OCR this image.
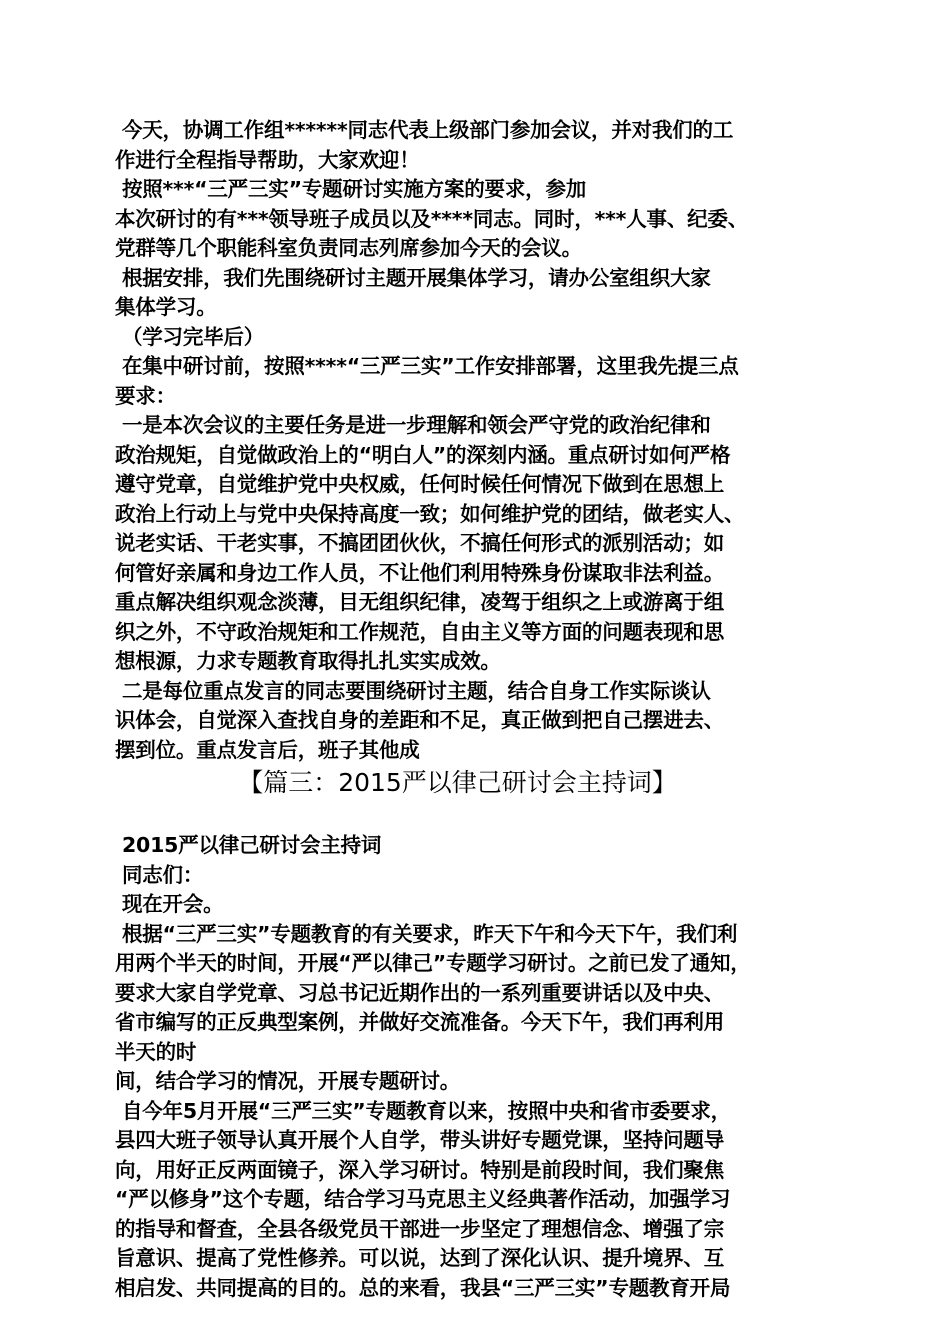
今天，协调工作组******同志代表上级部门参加会议，并对我们的工
作进行全程指导帮助，大家欢迎！
按照***“三严三实”专题研讨实施方案的要求，参加
本次研讨的有***领导班子成员以及****同志。同时，***人事、纪委、
党群等几个职能科室负责同志列席参加今天的会议。
根据安排，我们先围绕研讨主题开展集体学习，请办公室组织大家
集体学习。
（学习完毕后）
在集中研讨前，按照****“三严三实”工作安排部署，这里我先提三点
要求：
一是本次会议的主要任务是进一步理解和领会严守党的政治纪律和
政治规矩，自觉做政治上的“明白人”的深刻内涵。重点研讨如何严格
遵守党章，自觉维护党中央权威，任何时候任何情况下做到在思想上
政治上行动上与党中央保持高度一致；如何维护党的团结，做老实人、
说老实话、干老实事，不搞团团伙伙，不搞任何形式的派别活动；如
何管好亲属和身边工作人员，不让他们利用特殊身份谋取非法利益。
重点解决组织观念淡薄，目无组织纪律，凌驾于组织之上或游离于组
织之外，不守政治规矩和工作规范，自由主义等方面的问题表现和思
想根源，力求专题教育取得扎扎实实成效。
二是每位重点发言的同志要围绕研讨主题，结合自身工作实际谈认
识体会，自觉深入查找自身的差距和不足，真正做到把自己摆进去、
摆到位。重点发言后，班子其他成
【篇三：2015严以律己研讨会主持词】
2015严以律己研讨会主持词
同志们：
现在开会。
根据“三严三实”专题教育的有关要求，昨天下午和今天下午，我们利
用两个半天的时间，开展“严以律己”专题学习研讨。之前已发了通知，
要求大家自学党章、习总书记近期作出的一系列重要讲话以及中央、
省市编写的正反典型案例，并做好交流准备。今天下午，我们再利用
半天的时
间，结合学习的情况，开展专题研讨。
自今年5月开展“三严三实”专题教育以来，按照中央和省市委要求，
县四大班子领导认真开展个人自学，带头讲好专题党课，坚持问题导
向，用好正反两面镜子，深入学习研讨。特别是前段时间，我们聚焦
“严以修身”这个专题，结合学习马克思主义经典著作活动，加强学习
的指导和督查，全县各级党员干部进一步坚定了理想信念、增强了宗
旨意识、提高了党性修养。可以说，达到了深化认识、提升境界、互
相启发、共同提高的目的。总的来看，我县“三严三实”专题教育开局
